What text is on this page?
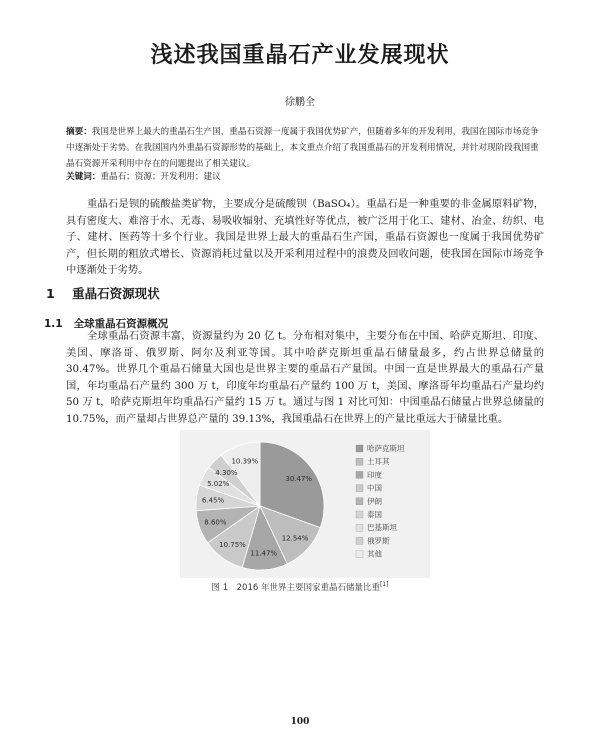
浅述我国重晶石产业发展现状
徐鹏全
摘要：我国是世界上最大的重晶石生产国，重晶石资源一度属于我国优势矿产，但随着多年的开发利用，我国在国际市场竞争中逐渐处于劣势。在我国国内外重晶石资源形势的基础上，本文重点介绍了我国重晶石的开发利用情况，并针对现阶段我国重晶石资源开采利用中存在的问题提出了相关建议。
关键词：重晶石；资源；开发利用；建议
重晶石是钡的硫酸盐类矿物，主要成分是硫酸钡（BaSO₄）。重晶石是一种重要的非金属原料矿物，具有密度大、难溶于水、无毒、易吸收辐射、充填性好等优点，被广泛用于化工、建材、冶金、纺织、电子、建材、医药等十多个行业。我国是世界上最大的重晶石生产国，重晶石资源也一度属于我国优势矿产，但长期的粗放式增长、资源消耗过量以及开采利用过程中的浪费及回收问题，使我国在国际市场竞争中逐渐处于劣势。
1 重晶石资源现状
1.1 全球重晶石资源概况
全球重晶石资源丰富，资源量约为 20 亿 t。分布相对集中，主要分布在中国、哈萨克斯坦、印度、美国、摩洛哥、俄罗斯、阿尔及利亚等国。其中哈萨克斯坦重晶石储量最多，约占世界总储量的 30.47%。世界几个重晶石储量大国也是世界主要的重晶石产量国。中国一直是世界最大的重晶石产量国，年均重晶石产量约 300 万 t，印度年均重晶石产量约 100 万 t，美国、摩洛哥年均重晶石产量均约 50 万 t，哈萨克斯坦年均重晶石产量约 15 万 t。通过与图 1 对比可知：中国重晶石储量占世界总储量的 10.75%，而产量却占世界总产量的 39.13%，我国重晶石在世界上的产量比重远大于储量比重。
30.47%
12.54%
11.47%
10.75%
8.60%
6.45%
5.02%
4.30%
10.39%
哈萨克斯坦
土耳其
印度
中国
伊朗
泰国
巴基斯坦
俄罗斯
其他
图 1　2016 年世界主要国家重晶石储量比重[1]
100
